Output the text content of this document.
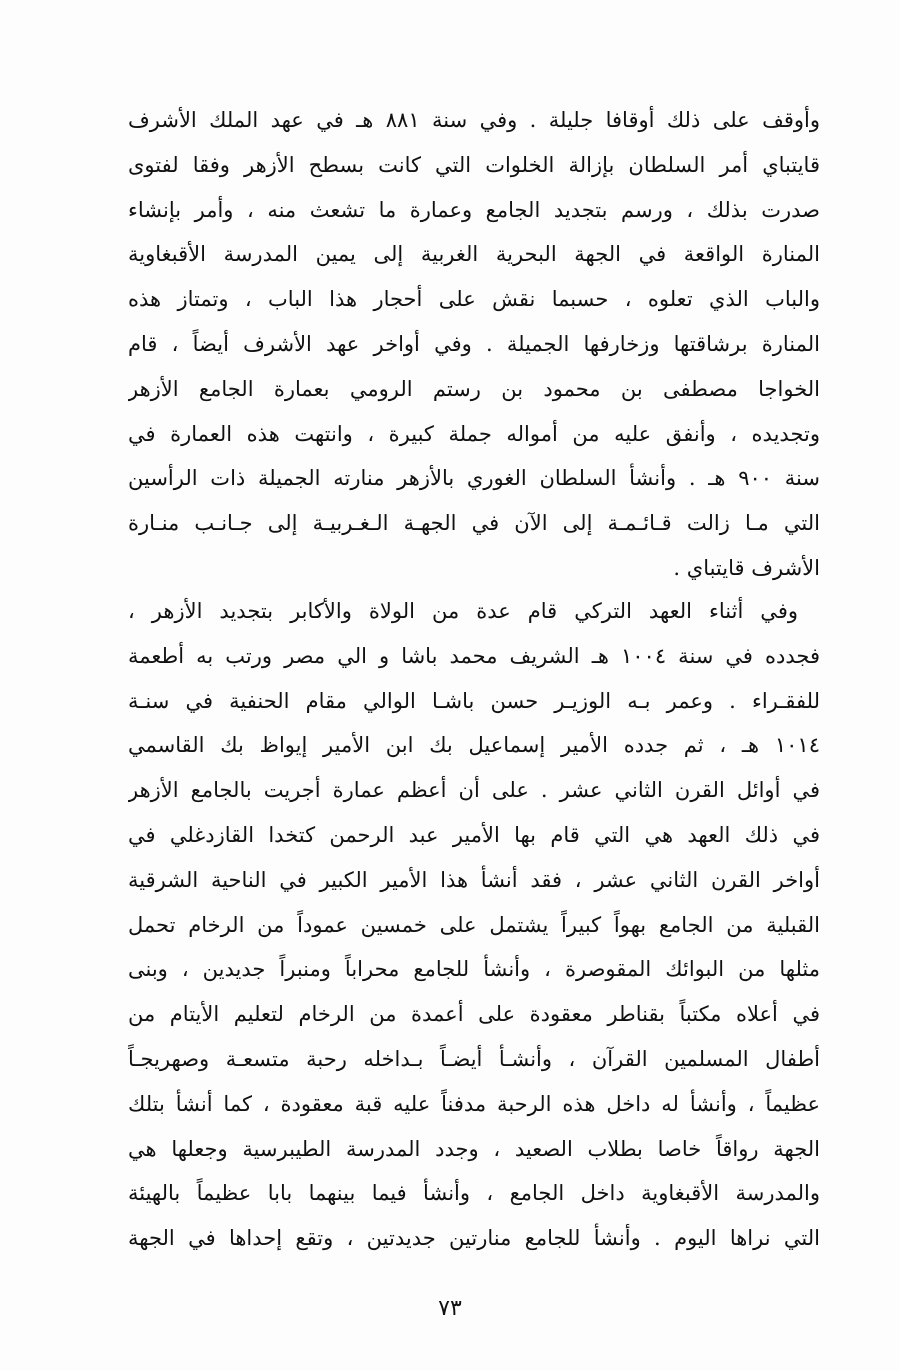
وأوقف على ذلك أوقافا جليلة . وفي سنة ٨٨١ هـ في عهد الملك الأشرف
قايتباي أمر السلطان بإزالة الخلوات التي كانت بسطح الأزهر وفقا لفتوى
صدرت بذلك ، ورسم بتجديد الجامع وعمارة ما تشعث منه ، وأمر بإنشاء
المنارة الواقعة في الجهة البحرية الغربية إلى يمين المدرسة الأقبغاوية
والباب الذي تعلوه ، حسبما نقش على أحجار هذا الباب ، وتمتاز هذه
المنارة برشاقتها وزخارفها الجميلة . وفي أواخر عهد الأشرف أيضاً ، قام
الخواجا مصطفى بن محمود بن رستم الرومي بعمارة الجامع الأزهر
وتجديده ، وأنفق عليه من أمواله جملة كبيرة ، وانتهت هذه العمارة في
سنة ٩٠٠ هـ . وأنشأ السلطان الغوري بالأزهر منارته الجميلة ذات الرأسين
التي مـا زالت قـائـمـة إلى الآن في الجهـة الـغـربيـة إلى جـانـب منـارة
الأشرف قايتباي .
وفي أثناء العهد التركي قام عدة من الولاة والأكابر بتجديد الأزهر ،
فجدده في سنة ١٠٠٤ هـ الشريف محمد باشا و الي مصر ورتب به أطعمة
للفقـراء . وعمر بـه الوزيـر حسن باشـا الوالي مقام الحنفية في سنـة
١٠١٤ هـ ، ثم جدده الأمير إسماعيل بك ابن الأمير إيواظ بك القاسمي
في أوائل القرن الثاني عشر . على أن أعظم عمارة أجريت بالجامع الأزهر
في ذلك العهد هي التي قام بها الأمير عبد الرحمن كتخدا القازدغلي في
أواخر القرن الثاني عشر ، فقد أنشأ هذا الأمير الكبير في الناحية الشرقية
القبلية من الجامع بهواً كبيراً يشتمل على خمسين عموداً من الرخام تحمل
مثلها من البوائك المقوصرة ، وأنشأ للجامع محراباً ومنبراً جديدين ، وبنى
في أعلاه مكتباً بقناطر معقودة على أعمدة من الرخام لتعليم الأيتام من
أطفال المسلمين القرآن ، وأنشـأ أيضـاً بـداخله رحبة متسعـة وصهريجـاً
عظيماً ، وأنشأ له داخل هذه الرحبة مدفناً عليه قبة معقودة ، كما أنشأ بتلك
الجهة رواقاً خاصا بطلاب الصعيد ، وجدد المدرسة الطيبرسية وجعلها هي
والمدرسة الأقبغاوية داخل الجامع ، وأنشأ فيما بينهما بابا عظيماً بالهيئة
التي نراها اليوم . وأنشأ للجامع منارتين جديدتين ، وتقع إحداها في الجهة
٧٣
